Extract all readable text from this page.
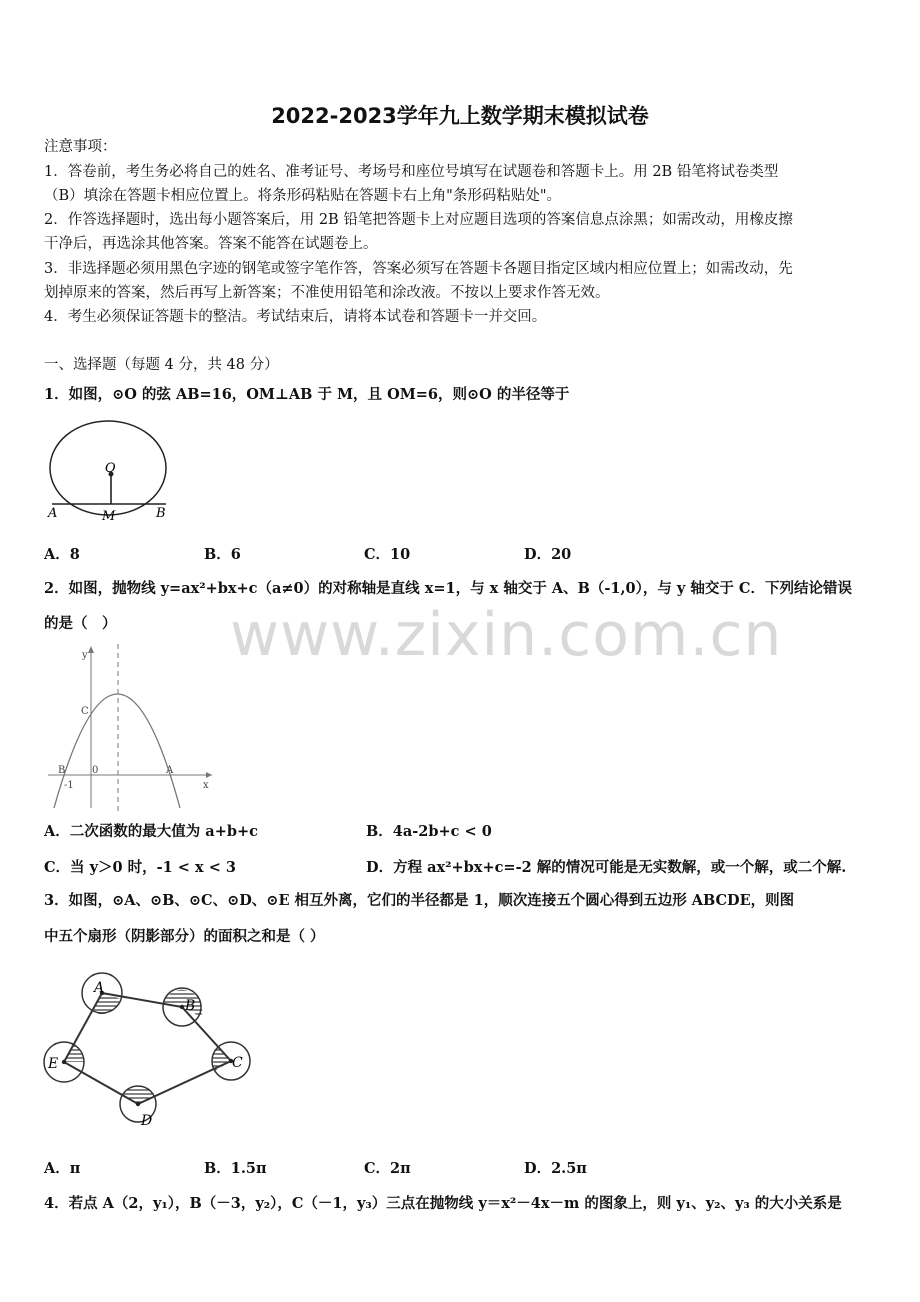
2022-2023学年九上数学期末模拟试卷
注意事项：
1．答卷前，考生务必将自己的姓名、准考证号、考场号和座位号填写在试题卷和答题卡上。用 2B 铅笔将试卷类型
（B）填涂在答题卡相应位置上。将条形码粘贴在答题卡右上角"条形码粘贴处"。
2．作答选择题时，选出每小题答案后，用 2B 铅笔把答题卡上对应题目选项的答案信息点涂黑；如需改动，用橡皮擦
干净后，再选涂其他答案。答案不能答在试题卷上。
3．非选择题必须用黑色字迹的钢笔或签字笔作答，答案必须写在答题卡各题目指定区域内相应位置上；如需改动，先
划掉原来的答案，然后再写上新答案；不准使用铅笔和涂改液。不按以上要求作答无效。
4．考生必须保证答题卡的整洁。考试结束后，请将本试卷和答题卡一并交回。
一、选择题（每题 4 分，共 48 分）
1．如图，⊙O 的弦 AB=16，OM⊥AB 于 M，且 OM=6，则⊙O 的半径等于
O
A	M	B
A．8	B．6	C．10	D．20
2．如图，抛物线 y=ax²+bx+c（a≠0）的对称轴是直线 x=1，与 x 轴交于 A、B（-1,0），与 y 轴交于 C．下列结论错误
的是（　）
y
C
B	0	A
x
-1
A．二次函数的最大值为 a+b+c	B．4a-2b+c < 0
C．当 y＞0 时，-1 < x < 3	D．方程 ax²+bx+c=-2 解的情况可能是无实数解，或一个解，或二个解.
3．如图，⊙A、⊙B、⊙C、⊙D、⊙E 相互外离，它们的半径都是 1，顺次连接五个圆心得到五边形 ABCDE，则图
中五个扇形（阴影部分）的面积之和是（ ）
A
B
C
D
E
A．π	B．1.5π	C．2π	D．2.5π
4．若点 A（2，y₁），B（－3，y₂），C（－1，y₃）三点在抛物线 y＝x²－4x－m 的图象上，则 y₁、y₂、y₃ 的大小关系是
www.zixin.com.cn
